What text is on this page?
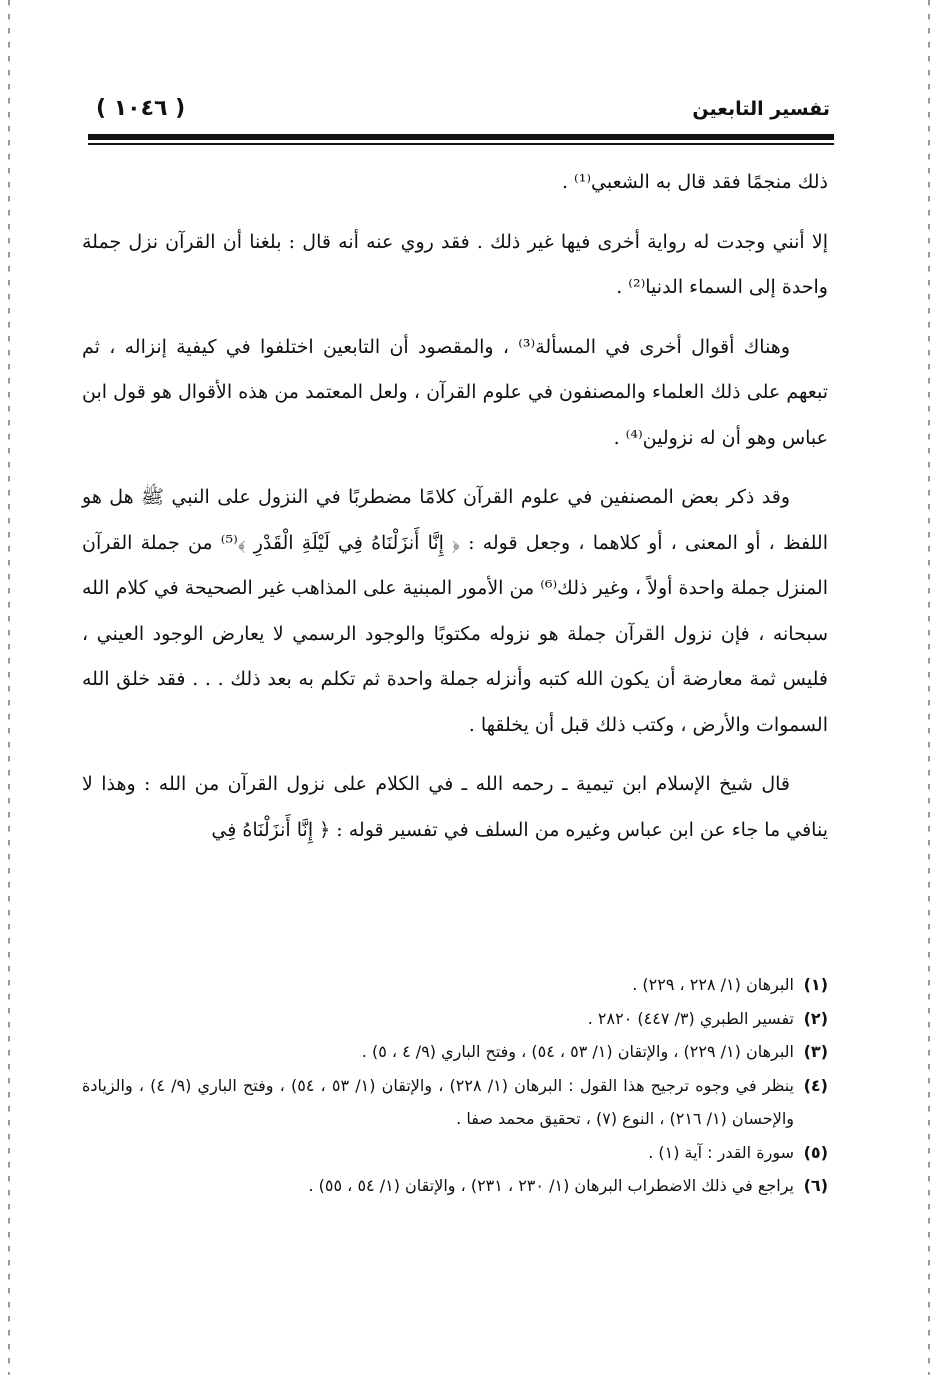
تفسير التابعين
( ١٠٤٦ )

ذلك منجمًا فقد قال به الشعبي⁽¹⁾ .

إلا أنني وجدت له رواية أخرى فيها غير ذلك . فقد روي عنه أنه قال : بلغنا أن القرآن نزل جملة واحدة إلى السماء الدنيا⁽²⁾ .

وهناك أقوال أخرى في المسألة⁽³⁾ ، والمقصود أن التابعين اختلفوا في كيفية إنزاله ، ثم تبعهم على ذلك العلماء والمصنفون في علوم القرآن ، ولعل المعتمد من هذه الأقوال هو قول ابن عباس وهو أن له نزولين⁽⁴⁾ .

وقد ذكر بعض المصنفين في علوم القرآن كلامًا مضطربًا في النزول على النبي ﷺ هل هو اللفظ ، أو المعنى ، أو كلاهما ، وجعل قوله : ﴿ إِنَّا أَنزَلْنَاهُ فِي لَيْلَةِ الْقَدْرِ ﴾⁽⁵⁾ من جملة القرآن المنزل جملة واحدة أولاً ، وغير ذلك⁽⁶⁾ من الأمور المبنية على المذاهب غير الصحيحة في كلام الله سبحانه ، فإن نزول القرآن جملة هو نزوله مكتوبًا والوجود الرسمي لا يعارض الوجود العيني ، فليس ثمة معارضة أن يكون الله كتبه وأنزله جملة واحدة ثم تكلم به بعد ذلك . . . فقد خلق الله السموات والأرض ، وكتب ذلك قبل أن يخلقها .

قال شيخ الإسلام ابن تيمية ـ رحمه الله ـ في الكلام على نزول القرآن من الله : وهذا لا ينافي ما جاء عن ابن عباس وغيره من السلف في تفسير قوله : ﴿ إِنَّا أَنزَلْنَاهُ فِي

(١)البرهان (١/ ٢٢٨ ، ٢٢٩) .

(٢)تفسير الطبري (٣/ ٤٤٧) ٢٨٢٠ .

(٣)البرهان (١/ ٢٢٩) ، والإتقان (١/ ٥٣ ، ٥٤) ، وفتح الباري (٩/ ٤ ، ٥) .

(٤)ينظر في وجوه ترجيح هذا القول : البرهان (١/ ٢٢٨) ، والإتقان (١/ ٥٣ ، ٥٤) ، وفتح الباري (٩/ ٤) ، والزيادة والإحسان (١/ ٢١٦) ، النوع (٧) ، تحقيق محمد صفا .

(٥)سورة القدر : آية (١) .

(٦)يراجع في ذلك الاضطراب البرهان (١/ ٢٣٠ ، ٢٣١) ، والإتقان (١/ ٥٤ ، ٥٥) .
